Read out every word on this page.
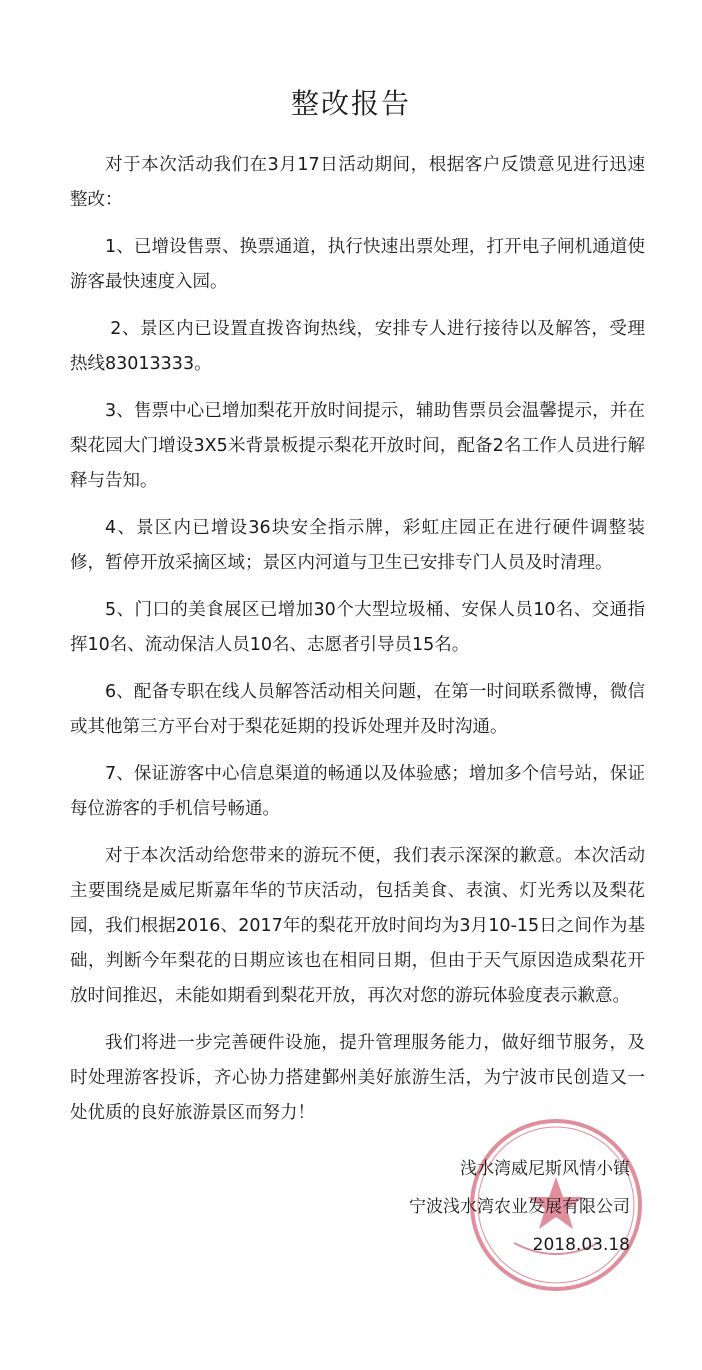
整改报告

对于本次活动我们在3月17日活动期间，根据客户反馈意见进行迅速整改：

1、已增设售票、换票通道，执行快速出票处理，打开电子闸机通道使游客最快速度入园。

2、景区内已设置直拨咨询热线，安排专人进行接待以及解答，受理热线83013333。

3、售票中心已增加梨花开放时间提示，辅助售票员会温馨提示，并在梨花园大门增设3X5米背景板提示梨花开放时间，配备2名工作人员进行解释与告知。

4、景区内已增设36块安全指示牌，彩虹庄园正在进行硬件调整装修，暂停开放采摘区域；景区内河道与卫生已安排专门人员及时清理。

5、门口的美食展区已增加30个大型垃圾桶、安保人员10名、交通指挥10名、流动保洁人员10名、志愿者引导员15名。

6、配备专职在线人员解答活动相关问题，在第一时间联系微博，微信或其他第三方平台对于梨花延期的投诉处理并及时沟通。

7、保证游客中心信息渠道的畅通以及体验感；增加多个信号站，保证每位游客的手机信号畅通。

对于本次活动给您带来的游玩不便，我们表示深深的歉意。本次活动主要围绕是威尼斯嘉年华的节庆活动，包括美食、表演、灯光秀以及梨花园，我们根据2016、2017年的梨花开放时间均为3月10-15日之间作为基础，判断今年梨花的日期应该也在相同日期，但由于天气原因造成梨花开放时间推迟，未能如期看到梨花开放，再次对您的游玩体验度表示歉意。

我们将进一步完善硬件设施，提升管理服务能力，做好细节服务，及时处理游客投诉，齐心协力搭建鄞州美好旅游生活，为宁波市民创造又一处优质的良好旅游景区而努力！

浅水湾威尼斯风情小镇
宁波浅水湾农业发展有限公司
2018.03.18
